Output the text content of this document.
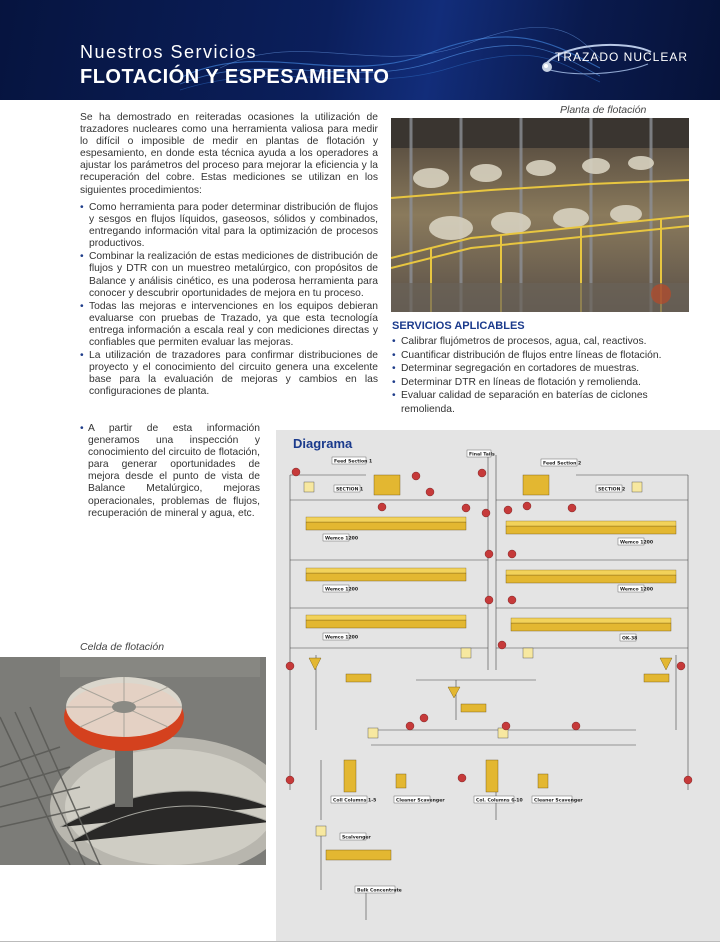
Nuestros Servicios
FLOTACIÓN Y ESPESAMIENTO
TRAZADO NUCLEAR

Se ha demostrado en reiteradas ocasiones la utilización de trazadores nucleares como una herramienta valiosa para medir lo difícil o imposible de medir en plantas de flotación y espesamiento, en donde esta técnica ayuda a los operadores a ajustar los parámetros del proceso para mejorar la eficiencia y la recuperación del cobre. Estas mediciones se utilizan en los siguientes procedimientos:

• Como herramienta para poder determinar distribución de flujos y sesgos en flujos líquidos, gaseosos, sólidos y combinados, entregando información vital para la optimización de procesos productivos.
• Combinar la realización de estas mediciones de distribución de flujos y DTR con un muestreo metalúrgico, con propósitos de Balance y análisis cinético, es una poderosa herramienta para conocer y descubrir oportunidades de mejora en tu proceso.
• Todas las mejoras e intervenciones en los equipos debieran evaluarse con pruebas de Trazado, ya que esta tecnología entrega información a escala real y con mediciones directas y confiables que permiten evaluar las mejoras.
• La utilización de trazadores para confirmar distribuciones de proyecto y el conocimiento del circuito genera una excelente base para la evaluación de mejoras y cambios en las configuraciones de planta.

• A partir de esta información generamos una inspección y conocimiento del circuito de flotación, para generar oportunidades de mejora desde el punto de vista de Balance Metalúrgico, mejoras operacionales, problemas de flujos, recuperación de mineral y agua, etc.

Planta de flotación
Celda de flotación
SERVICIOS APLICABLES
• Calibrar flujómetros de procesos, agua, cal, reactivos.
• Cuantificar distribución de flujos entre líneas de flotación.
• Determinar segregación en cortadores de muestras.
• Determinar DTR en líneas de flotación y remolienda.
• Evaluar calidad de separación en baterías de ciclones remolienda.
Diagrama
Feed Section 1	Feed Section 2
Final Tails
SECTION 1	SECTION 2
Wemco 1200
Wemco 1200
Wemco 1200	Wemco 1200
Wemco 1200	OK-38
Coll Columns 1-5	Cleaner Scavenger	Col. Columns 6-10 Cleaner Scavenger
Scalvenger
Bulk Concentrate
